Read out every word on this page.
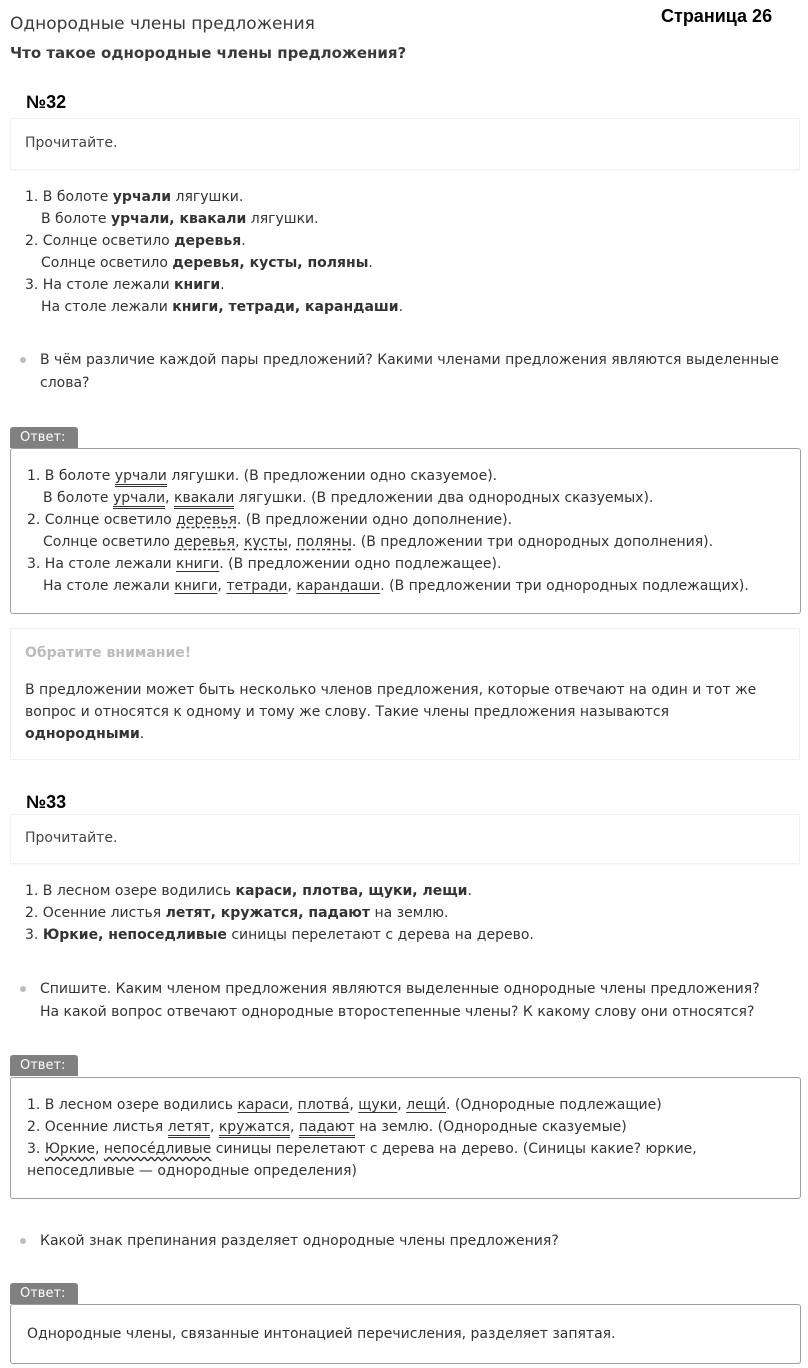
Страница 26
Однородные члены предложения
Что такое однородные члены предложения?
№32
Прочитайте.
1. В болоте урчали лягушки.
В болоте урчали, квакали лягушки.
2. Солнце осветило деревья.
Солнце осветило деревья, кусты, поляны.
3. На столе лежали книги.
На столе лежали книги, тетради, карандаши.
В чём различие каждой пары предложений? Какими членами предложения являются выделенные слова?
Ответ:
1. В болоте урчали лягушки. (В предложении одно сказуемое).
В болоте урчали, квакали лягушки. (В предложении два однородных сказуемых).
2. Солнце осветило деревья. (В предложении одно дополнение).
Солнце осветило деревья, кусты, поляны. (В предложении три однородных дополнения).
3. На столе лежали книги. (В предложении одно подлежащее).
На столе лежали книги, тетради, карандаши. (В предложении три однородных подлежащих).
Обратите внимание!
В предложении может быть несколько членов предложения, которые отвечают на один и тот же вопрос и относятся к одному и тому же слову. Такие члены предложения называются однородными.
№33
Прочитайте.
1. В лесном озере водились караси, плотва, щуки, лещи.
2. Осенние листья летят, кружатся, падают на землю.
3. Юркие, непоседливые синицы перелетают с дерева на дерево.
Спишите. Каким членом предложения являются выделенные однородные члены предложения? На какой вопрос отвечают однородные второстепенные члены? К какому слову они относятся?
Ответ:
1. В лесном озере водились караси, плотва́, щуки, лещи́. (Однородные подлежащие)
2. Осенние листья летят, кружатся, падают на землю. (Однородные сказуемые)
3. Юркие, непосе́дливые синицы перелетают с дерева на дерево. (Синицы какие? юркие, непоседливые — однородные определения)
Какой знак препинания разделяет однородные члены предложения?
Ответ:
Однородные члены, связанные интонацией перечисления, разделяет запятая.
